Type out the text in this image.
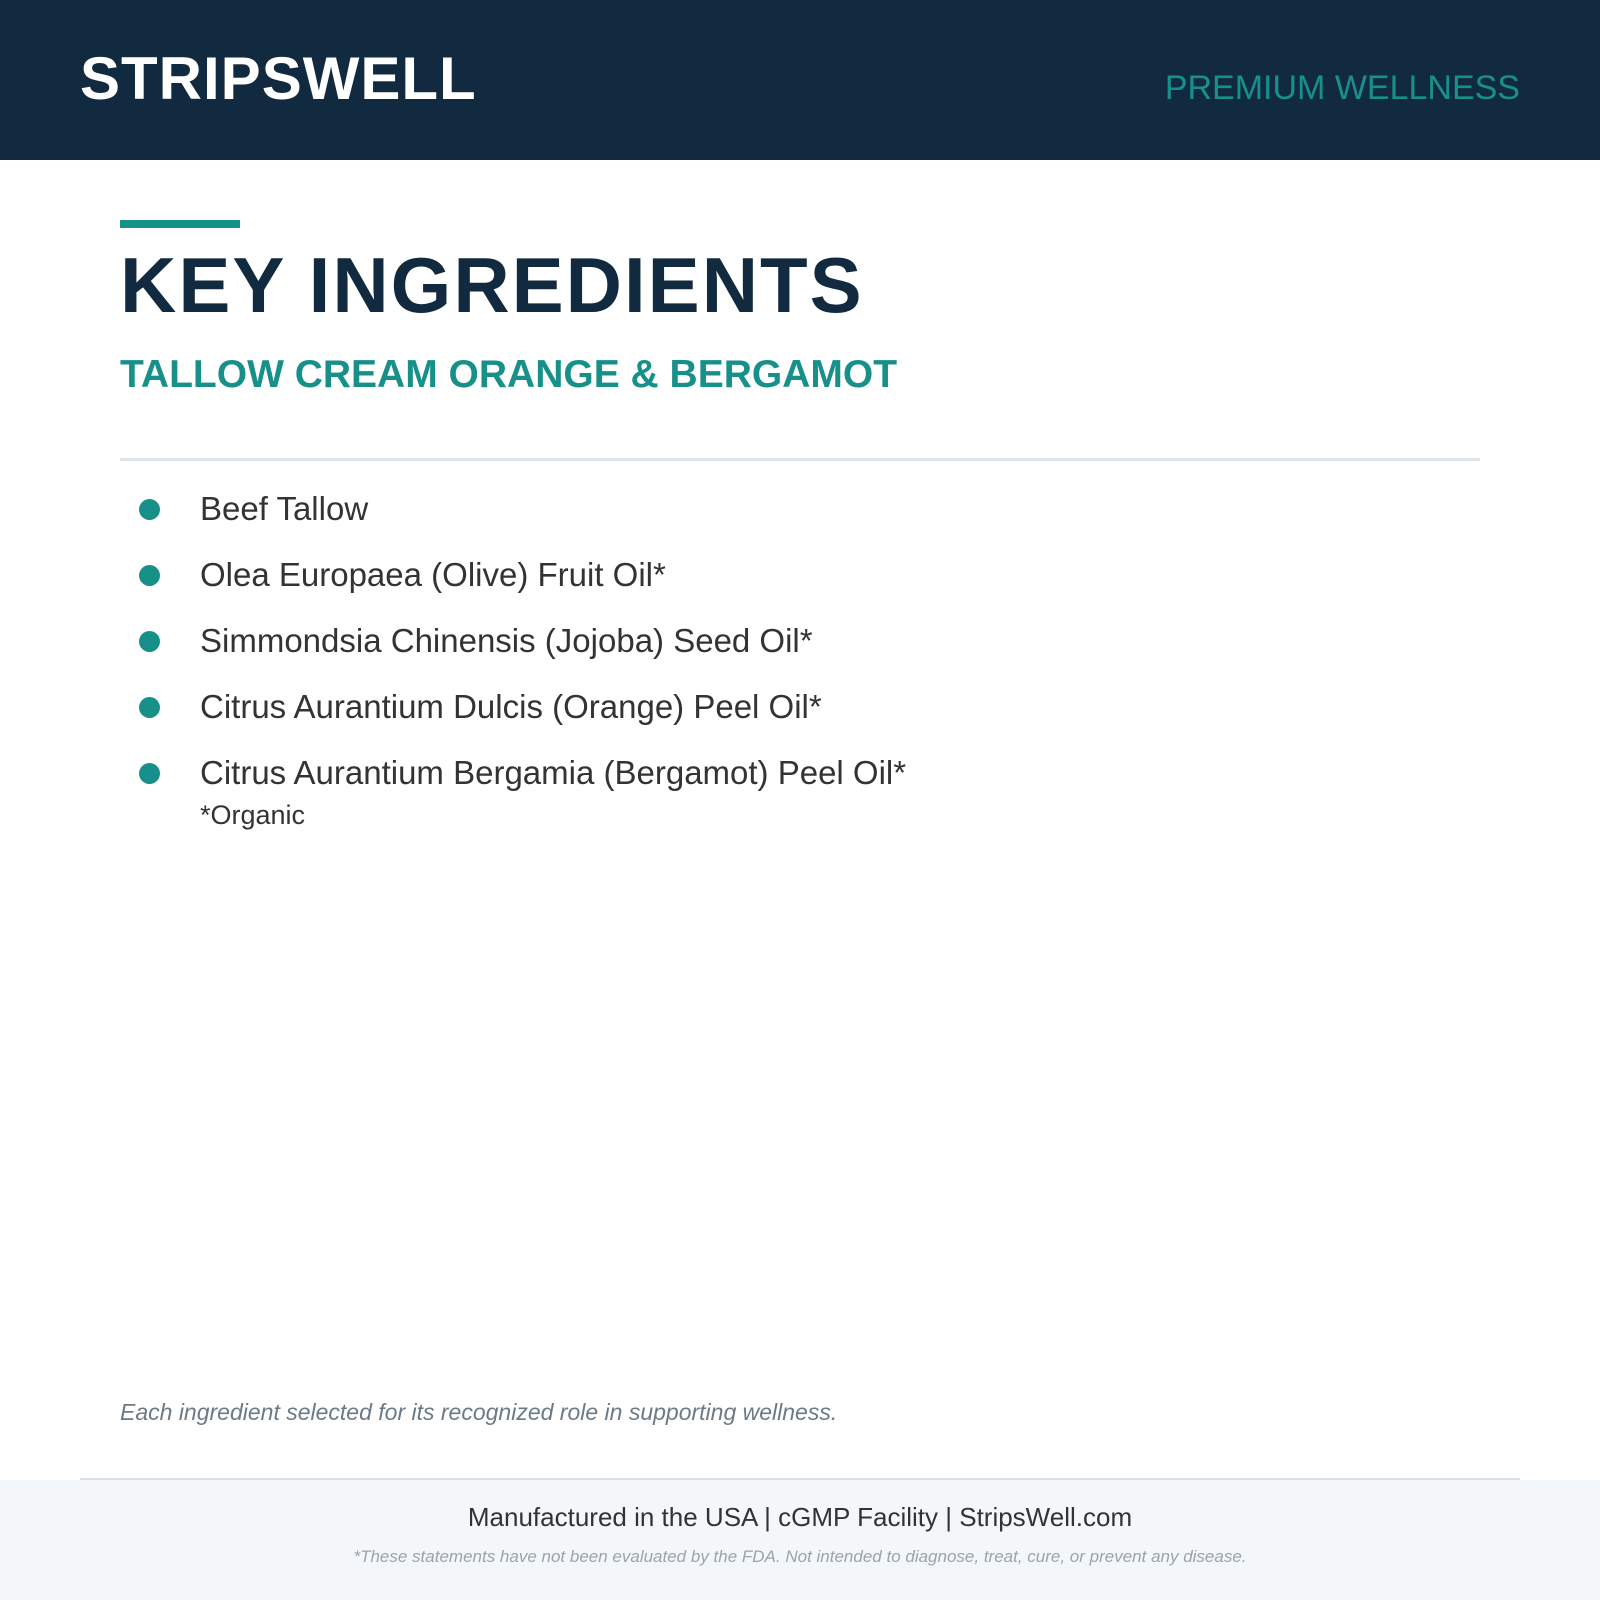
STRIPSWELL	PREMIUM WELLNESS
KEY INGREDIENTS
TALLOW CREAM ORANGE & BERGAMOT
Beef Tallow
Olea Europaea (Olive) Fruit Oil*
Simmondsia Chinensis (Jojoba) Seed Oil*
Citrus Aurantium Dulcis (Orange) Peel Oil*
Citrus Aurantium Bergamia (Bergamot) Peel Oil*
*Organic
Each ingredient selected for its recognized role in supporting wellness.
Manufactured in the USA | cGMP Facility | StripsWell.com
*These statements have not been evaluated by the FDA. Not intended to diagnose, treat, cure, or prevent any disease.
